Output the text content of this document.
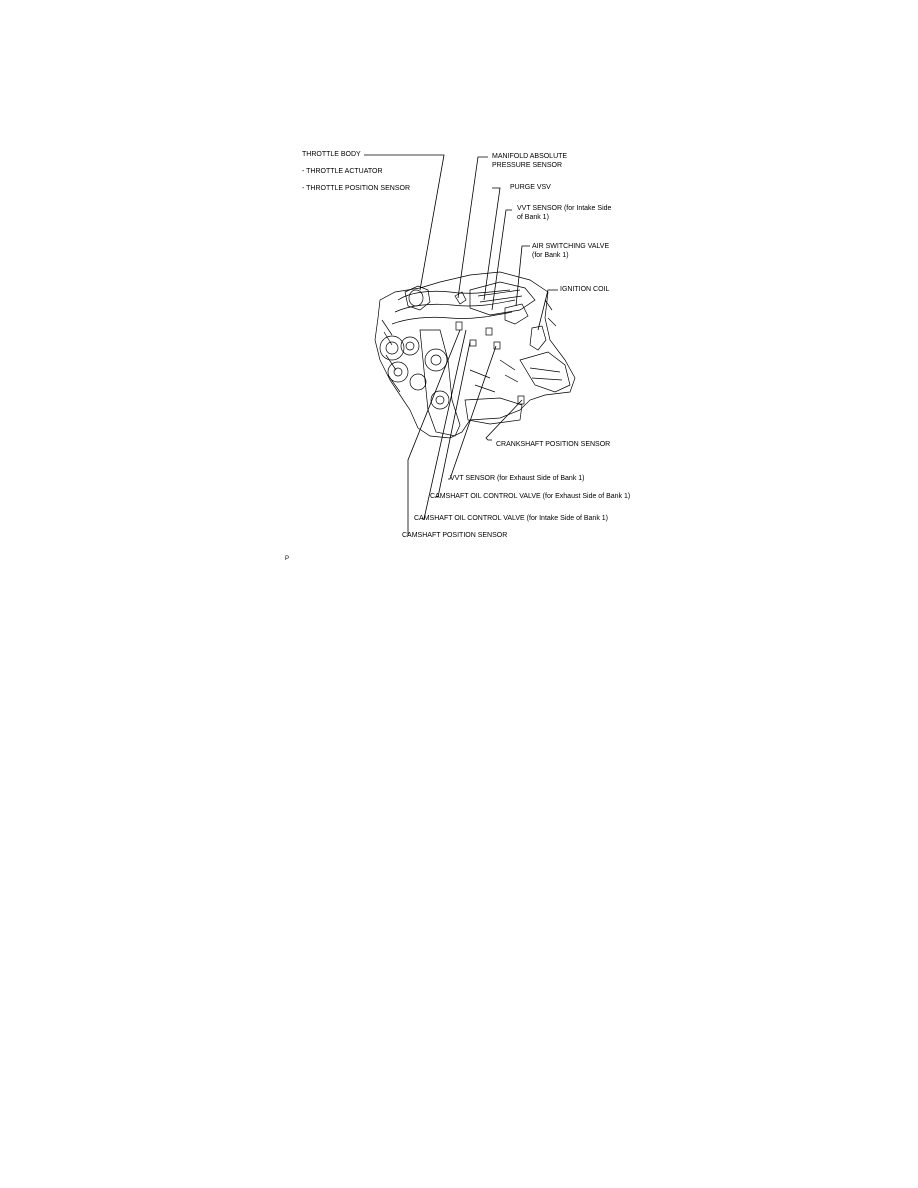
THROTTLE BODY
- THROTTLE ACTUATOR
- THROTTLE POSITION SENSOR
MANIFOLD ABSOLUTE
PRESSURE SENSOR
PURGE VSV
VVT SENSOR (for Intake Side
of Bank 1)
AIR SWITCHING VALVE
(for Bank 1)
IGNITION COIL
CRANKSHAFT POSITION SENSOR
VVT SENSOR (for Exhaust Side of Bank 1)
CAMSHAFT OIL CONTROL VALVE (for Exhaust Side of Bank 1)
CAMSHAFT OIL CONTROL VALVE (for Intake Side of Bank 1)
CAMSHAFT POSITION SENSOR
P
